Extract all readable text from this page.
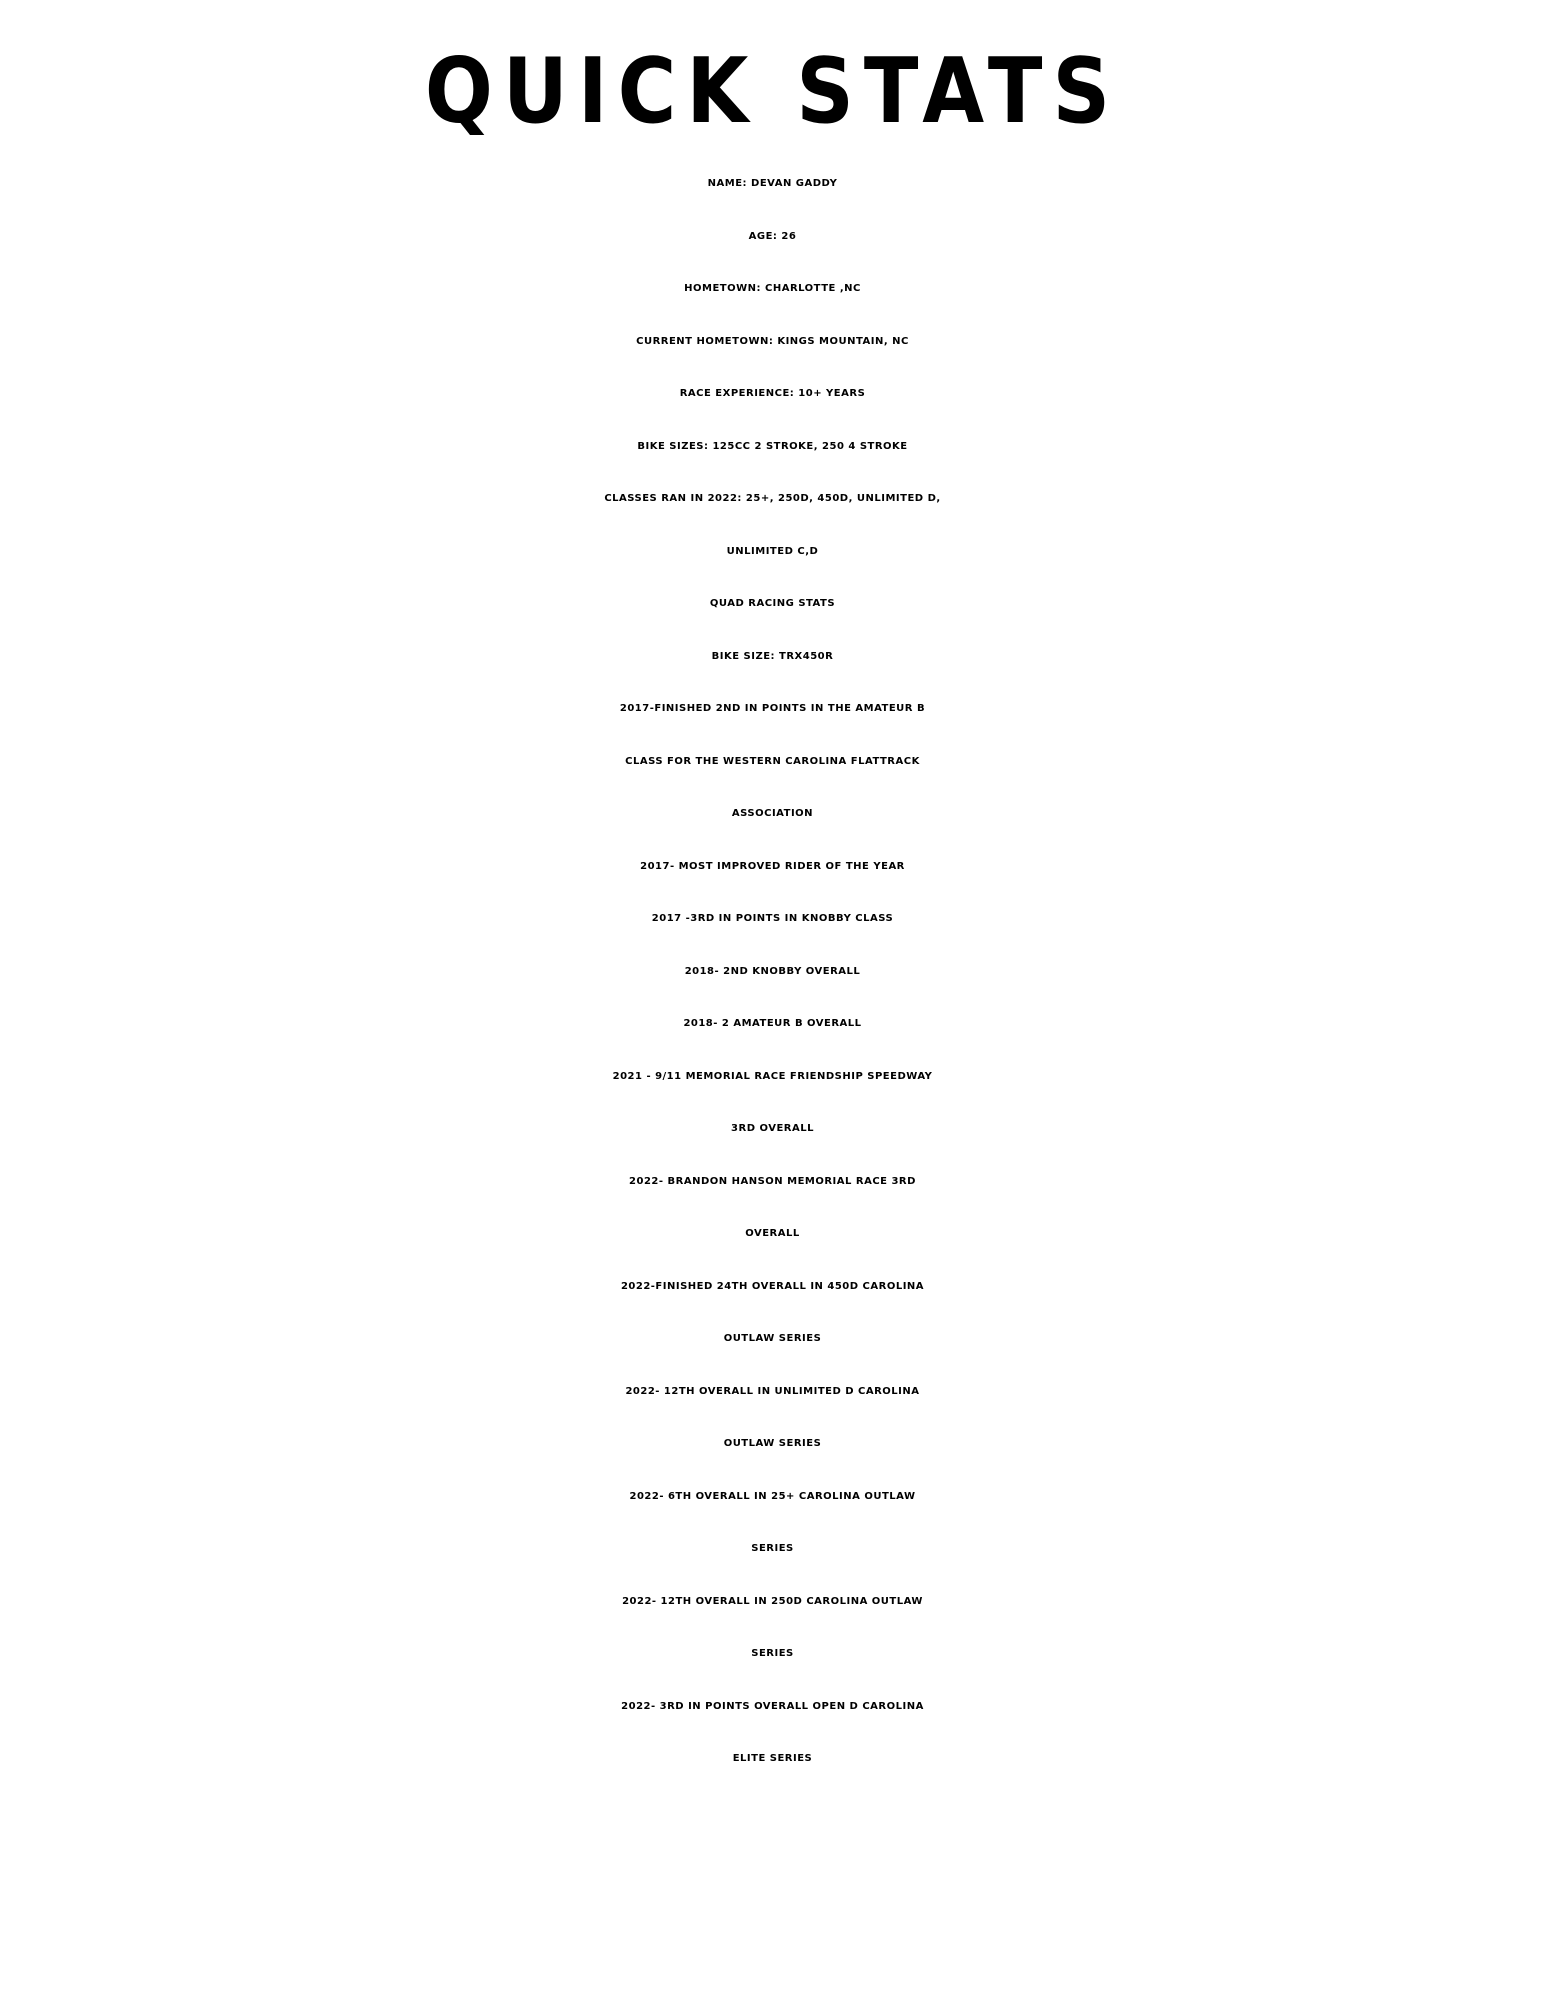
QUICK STATS
NAME: DEVAN GADDY
AGE: 26
HOMETOWN: CHARLOTTE ,NC
CURRENT HOMETOWN: KINGS MOUNTAIN, NC
RACE EXPERIENCE: 10+ YEARS
BIKE SIZES: 125CC 2 STROKE, 250 4 STROKE
CLASSES RAN IN 2022: 25+, 250D, 450D, UNLIMITED D,
UNLIMITED C,D
QUAD RACING STATS
BIKE SIZE: TRX450R
2017-FINISHED 2ND IN POINTS IN THE AMATEUR B
CLASS FOR THE WESTERN CAROLINA FLATTRACK
ASSOCIATION
2017- MOST IMPROVED RIDER OF THE YEAR
2017 -3RD IN POINTS IN KNOBBY CLASS
2018- 2ND KNOBBY OVERALL
2018- 2 AMATEUR B OVERALL
2021 - 9/11 MEMORIAL RACE FRIENDSHIP SPEEDWAY
3RD OVERALL
2022- BRANDON HANSON MEMORIAL RACE 3RD
OVERALL
2022-FINISHED 24TH OVERALL IN 450D CAROLINA
OUTLAW SERIES
2022- 12TH OVERALL IN UNLIMITED D CAROLINA
OUTLAW SERIES
2022- 6TH OVERALL IN 25+ CAROLINA OUTLAW
SERIES
2022- 12TH OVERALL IN 250D CAROLINA OUTLAW
SERIES
2022- 3RD IN POINTS OVERALL OPEN D CAROLINA
ELITE SERIES
